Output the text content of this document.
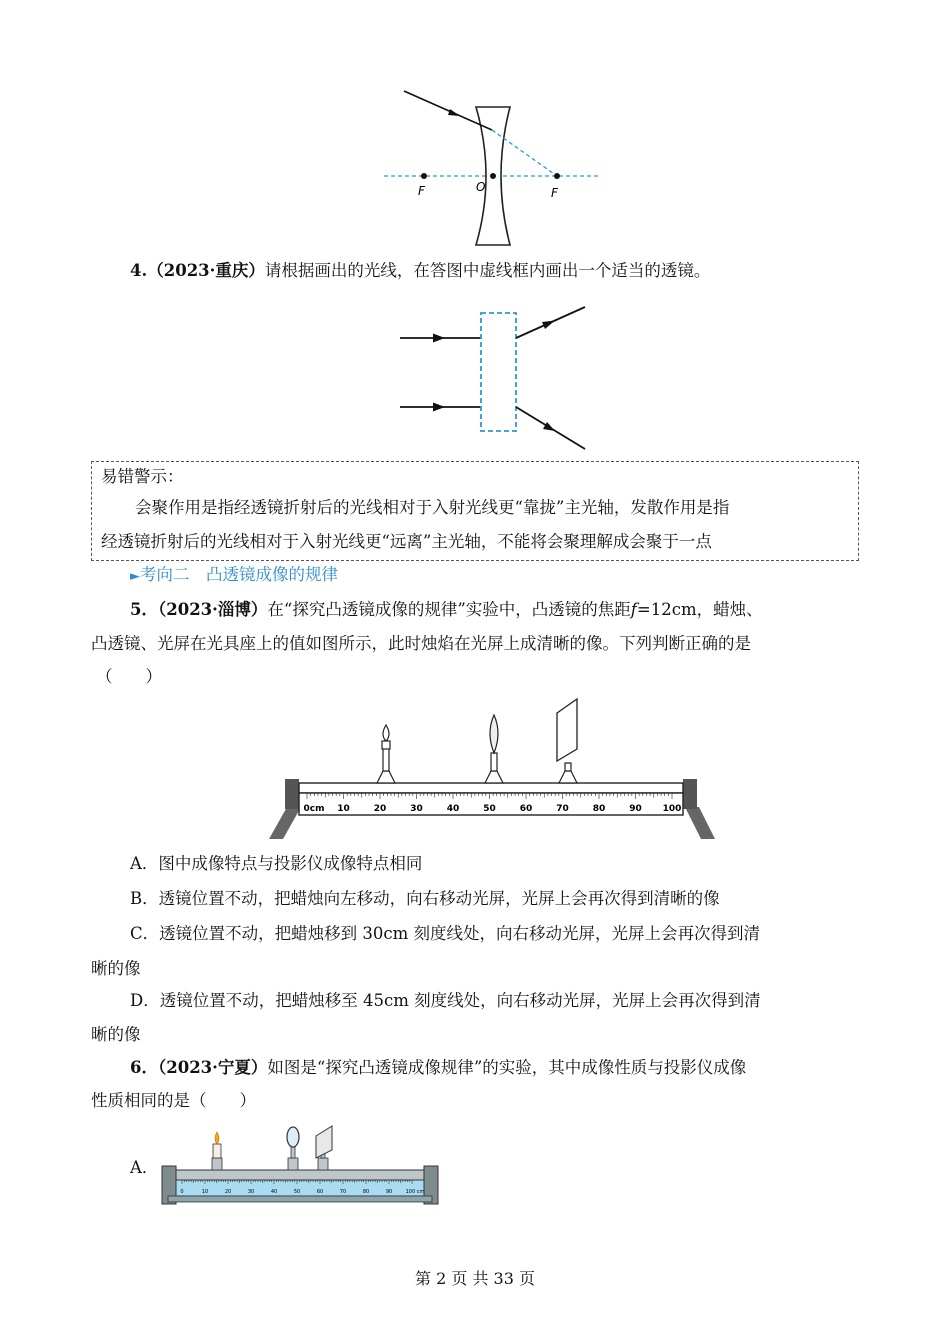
F	O	F
4.（2023·重庆）请根据画出的光线，在答图中虚线框内画出一个适当的透镜。
易错警示：
会聚作用是指经透镜折射后的光线相对于入射光线更“靠拢”主光轴，发散作用是指
经透镜折射后的光线相对于入射光线更“远离”主光轴，不能将会聚理解成会聚于一点
►考向二　凸透镜成像的规律
5．（2023·淄博）在“探究凸透镜成像的规律”实验中，凸透镜的焦距f=12cm，蜡烛、
凸透镜、光屏在光具座上的值如图所示，此时烛焰在光屏上成清晰的像。下列判断正确的是
（　　）
0cm 10	20	30	40	50	60	70	80	90 100
A．图中成像特点与投影仪成像特点相同
B．透镜位置不动，把蜡烛向左移动，向右移动光屏，光屏上会再次得到清晰的像
C．透镜位置不动，把蜡烛移到 30cm 刻度线处，向右移动光屏，光屏上会再次得到清
晰的像
D．透镜位置不动，把蜡烛移至 45cm 刻度线处，向右移动光屏，光屏上会再次得到清
晰的像
6．（2023·宁夏）如图是“探究凸透镜成像规律”的实验，其中成像性质与投影仪成像
性质相同的是（　　）
A．
0	10	20	30	40	50	60	70	80	90	100 cm
第 2 页 共 33 页
